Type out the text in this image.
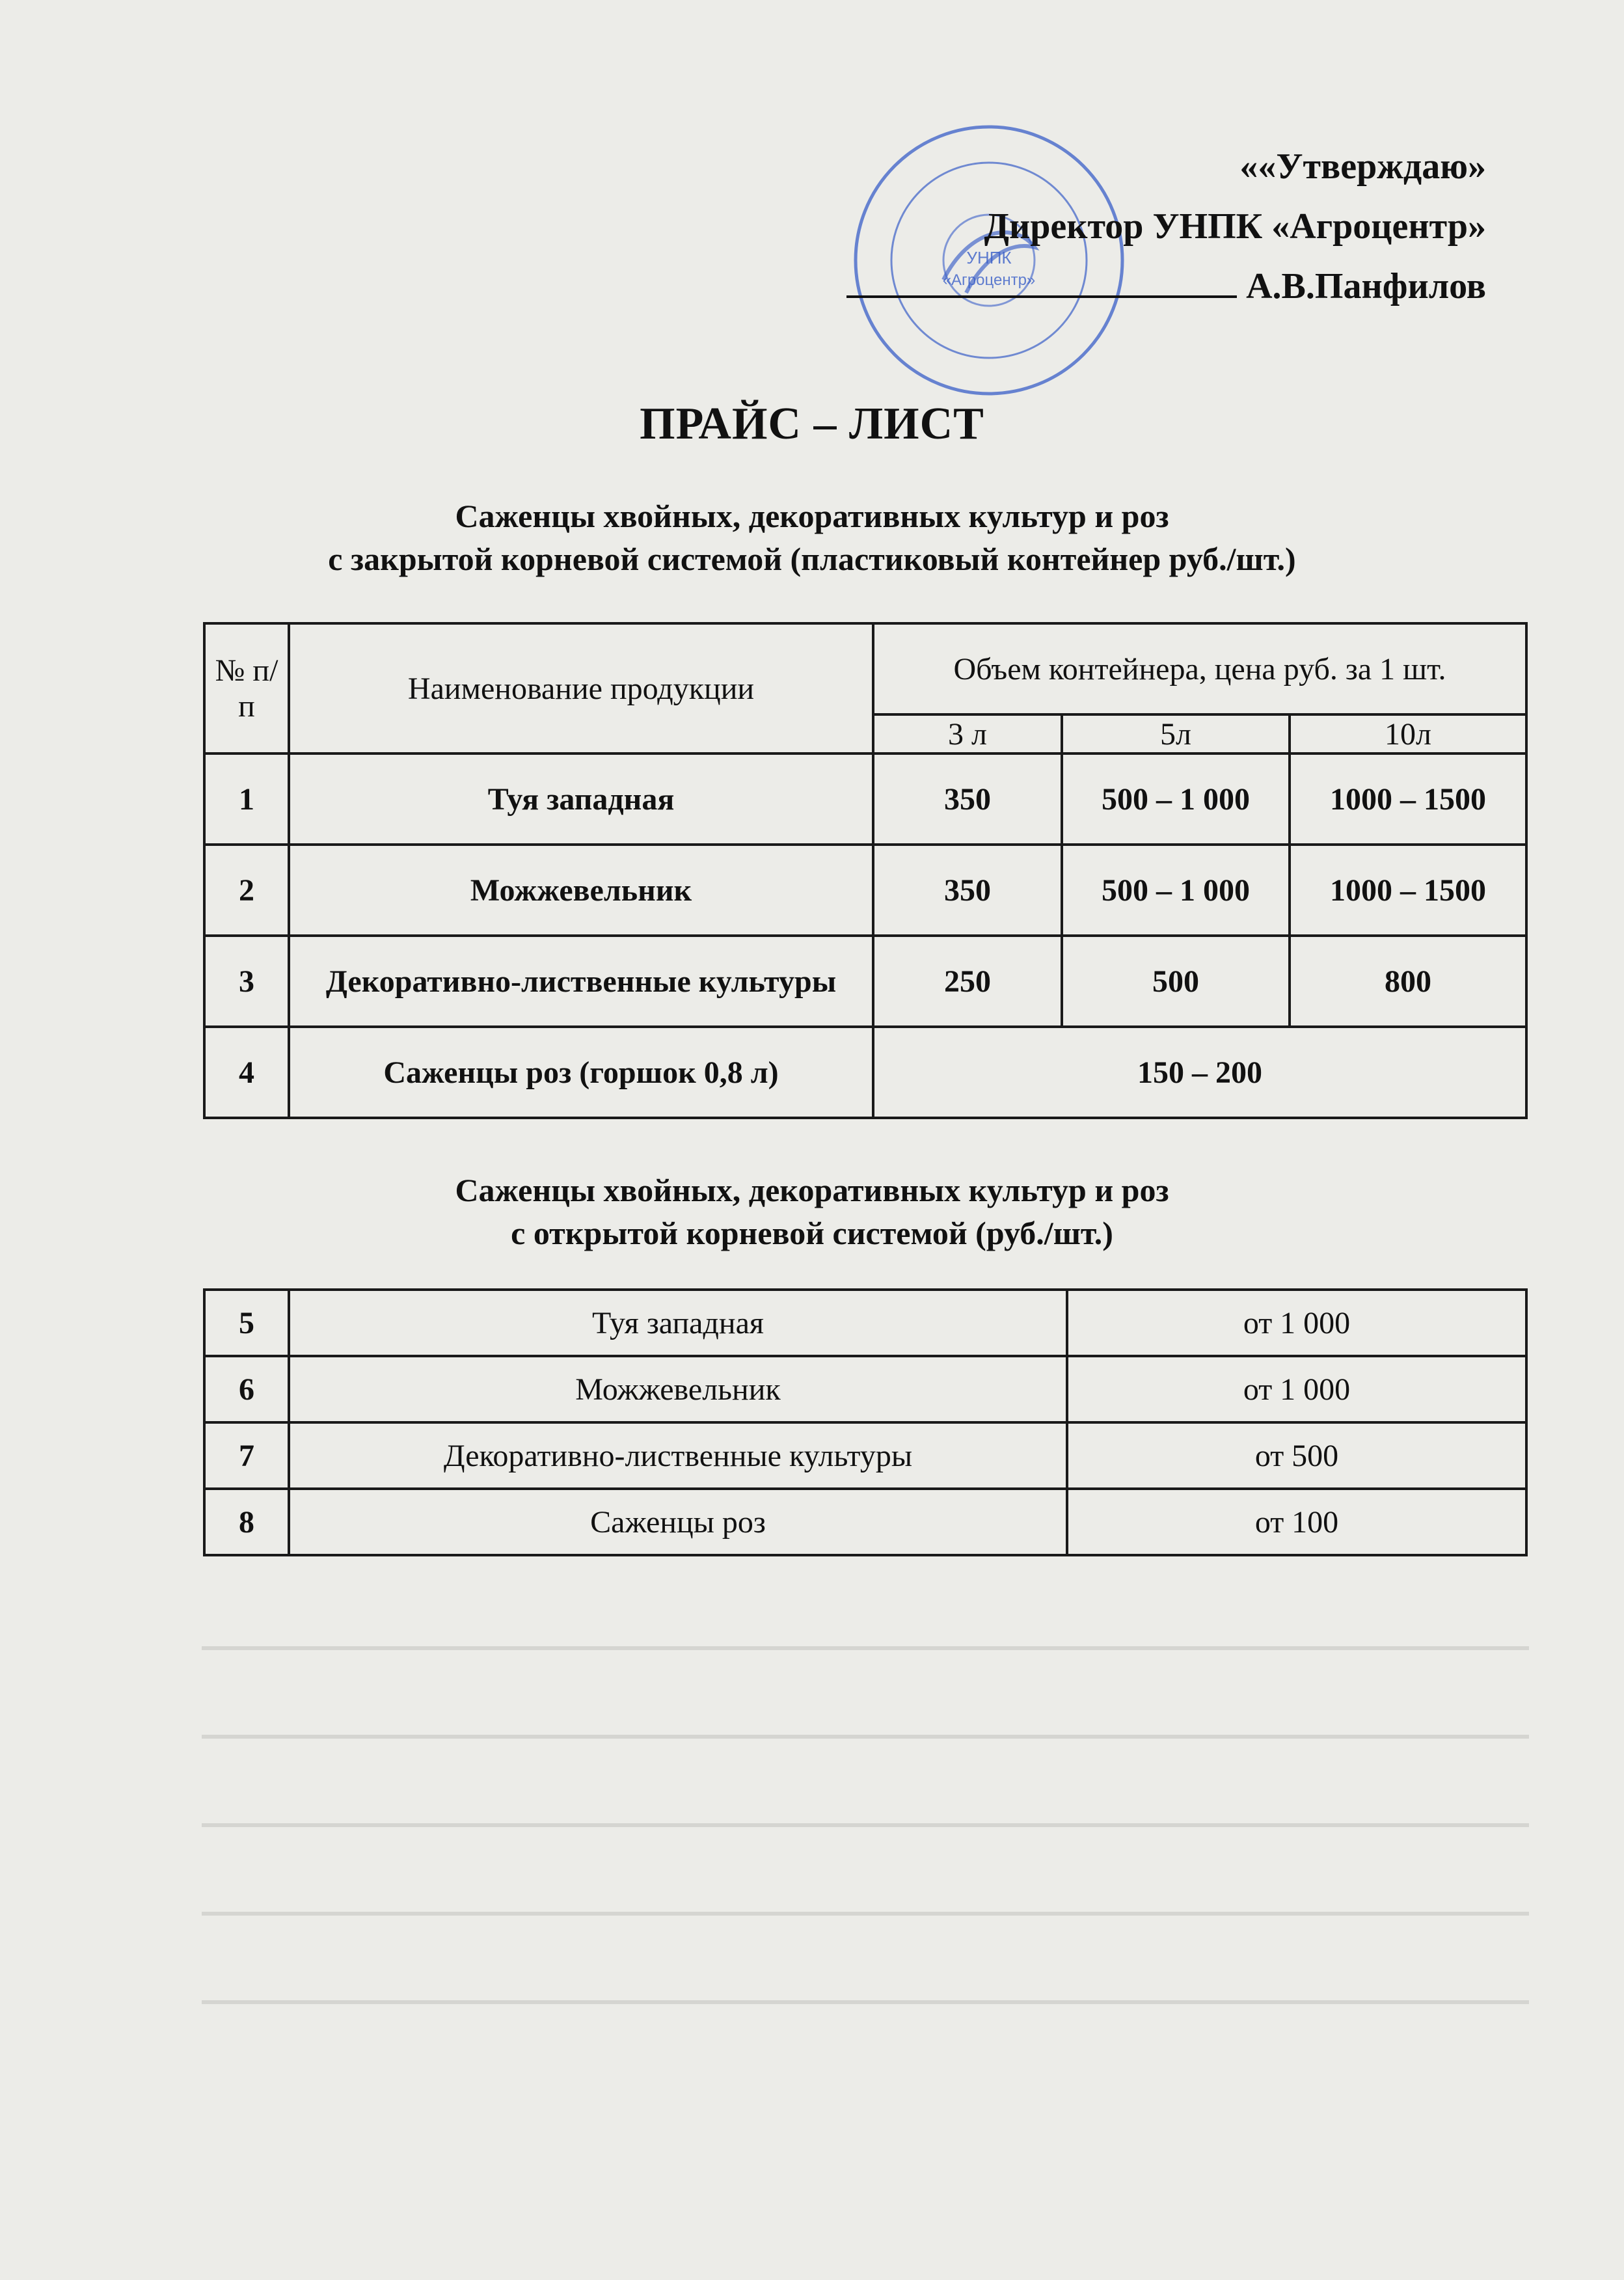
УНПК
«Агроцентр»
««Утверждаю»
Директор УНПК «Агроцентр»
А.В.Панфилов
ПРАЙС – ЛИСТ
Саженцы хвойных, декоративных культур и роз
с закрытой корневой системой (пластиковый контейнер руб./шт.)
№ п/п	Наименование продукции	Объем контейнера, цена руб. за 1 шт.		
		3 л	5л	10л
1	Туя западная	350	500 – 1 000	1000 – 1500
2	Можжевельник	350	500 – 1 000	1000 – 1500
3	Декоративно-лиственные культуры	250	500	800
4	Саженцы роз (горшок 0,8 л)	150 – 200		
Саженцы хвойных, декоративных культур и роз
с открытой корневой системой (руб./шт.)
5	Туя западная	от 1 000
6	Можжевельник	от 1 000
7	Декоративно-лиственные культуры	от 500
8	Саженцы роз	от 100
